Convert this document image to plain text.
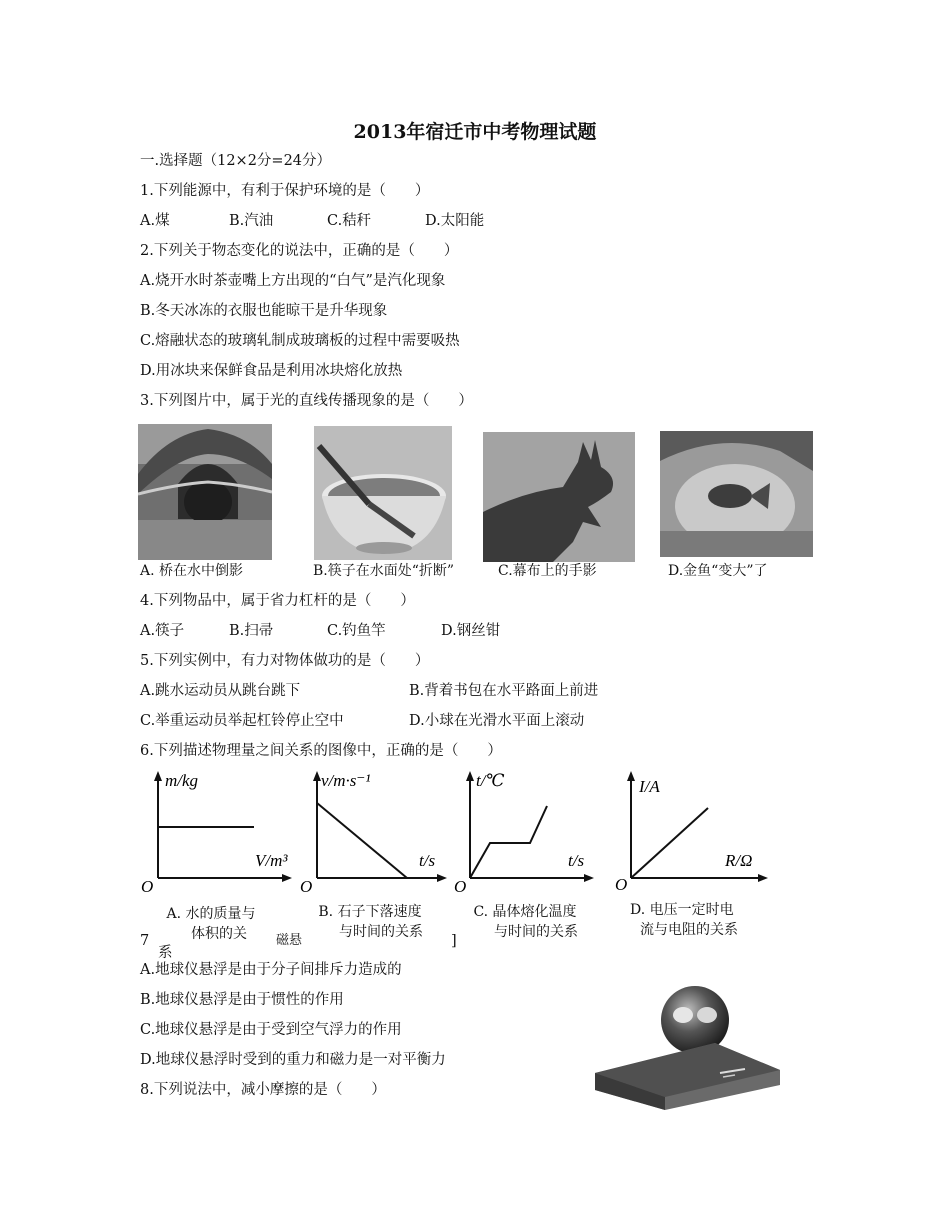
2013年宿迁市中考物理试题
一.选择题（12×2分=24分）
1.下列能源中，有利于保护环境的是（　　）
A.煤	B.汽油	C.秸秆	D.太阳能
2.下列关于物态变化的说法中，正确的是（　　）
A.烧开水时茶壶嘴上方出现的“白气”是汽化现象
B.冬天冰冻的衣服也能晾干是升华现象
C.熔融状态的玻璃轧制成玻璃板的过程中需要吸热
D.用冰块来保鲜食品是利用冰块熔化放热
3.下列图片中，属于光的直线传播现象的是（　　）
A. 桥在水中倒影	B.筷子在水面处“折断”	C.幕布上的手影	D.金鱼“变大”了
4.下列物品中，属于省力杠杆的是（　　）
A.筷子	B.扫帚	C.钓鱼竿	D.钢丝钳
5.下列实例中，有力对物体做功的是（　　）
A.跳水运动员从跳台跳下	B.背着书包在水平路面上前进
C.举重运动员举起杠铃停止空中	D.小球在光滑水平面上滚动
6.下列描述物理量之间关系的图像中，正确的是（　　）
m/kg
V/m³
O
v/m·s⁻¹
t/s
O
t/℃
t/s
O
I/A
R/Ω
O
A. 水的质量与
体积的关
系
B. 石子下落速度
与时间的关系
C. 晶体熔化温度
与时间的关系
D. 电压一定时电
流与电阻的关系
7	磁悬	]
A.地球仪悬浮是由于分子间排斥力造成的
B.地球仪悬浮是由于惯性的作用
C.地球仪悬浮是由于受到空气浮力的作用
D.地球仪悬浮时受到的重力和磁力是一对平衡力
8.下列说法中，减小摩擦的是（　　）
